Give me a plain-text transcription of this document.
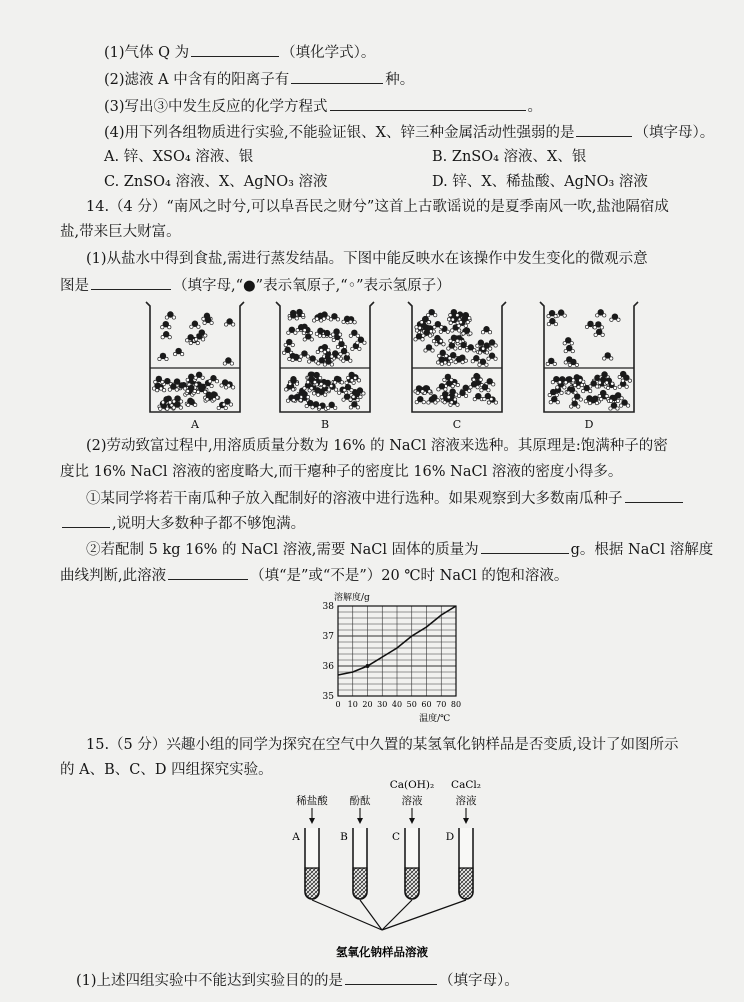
(1)气体 Q 为	（填化学式）。
(2)滤液 A 中含有的阳离子有	种。
(3)写出③中发生反应的化学方程式	。
(4)用下列各组物质进行实验,不能验证银、X、锌三种金属活动性强弱的是	（填字母）。
A. 锌、XSO₄ 溶液、银	B. ZnSO₄ 溶液、X、银
C. ZnSO₄ 溶液、X、AgNO₃ 溶液	D. 锌、X、稀盐酸、AgNO₃ 溶液
14.（4 分）“南风之时兮,可以阜吾民之财兮”这首上古歌谣说的是夏季南风一吹,盐池隔宿成
盐,带来巨大财富。
(1)从盐水中得到食盐,需进行蒸发结晶。下图中能反映水在该操作中发生变化的微观示意
图是	（填字母,“●”表示氧原子,“◦”表示氢原子）
A	B	C	D
(2)劳动致富过程中,用溶质质量分数为 16% 的 NaCl 溶液来选种。其原理是:饱满种子的密
度比 16% NaCl 溶液的密度略大,而干瘪种子的密度比 16% NaCl 溶液的密度小得多。
①某同学将若干南瓜种子放入配制好的溶液中进行选种。如果观察到大多数南瓜种子
,说明大多数种子都不够饱满。
②若配制 5 kg 16% 的 NaCl 溶液,需要 NaCl 固体的质量为	g。根据 NaCl 溶解度
曲线判断,此溶液	（填“是”或“不是”）20 ℃时 NaCl 的饱和溶液。
0 10 20 30 40 50 60 70 80
35
36
37
38
溶解度/g
温度/℃
15.（5 分）兴趣小组的同学为探究在空气中久置的某氢氧化钠样品是否变质,设计了如图所示
的 A、B、C、D 四组探究实验。
稀盐酸
A
酚酞
B
Ca(OH)₂
溶液
C
CaCl₂
溶液
D
氢氧化钠样品溶液
(1)上述四组实验中不能达到实验目的的是	（填字母）。
